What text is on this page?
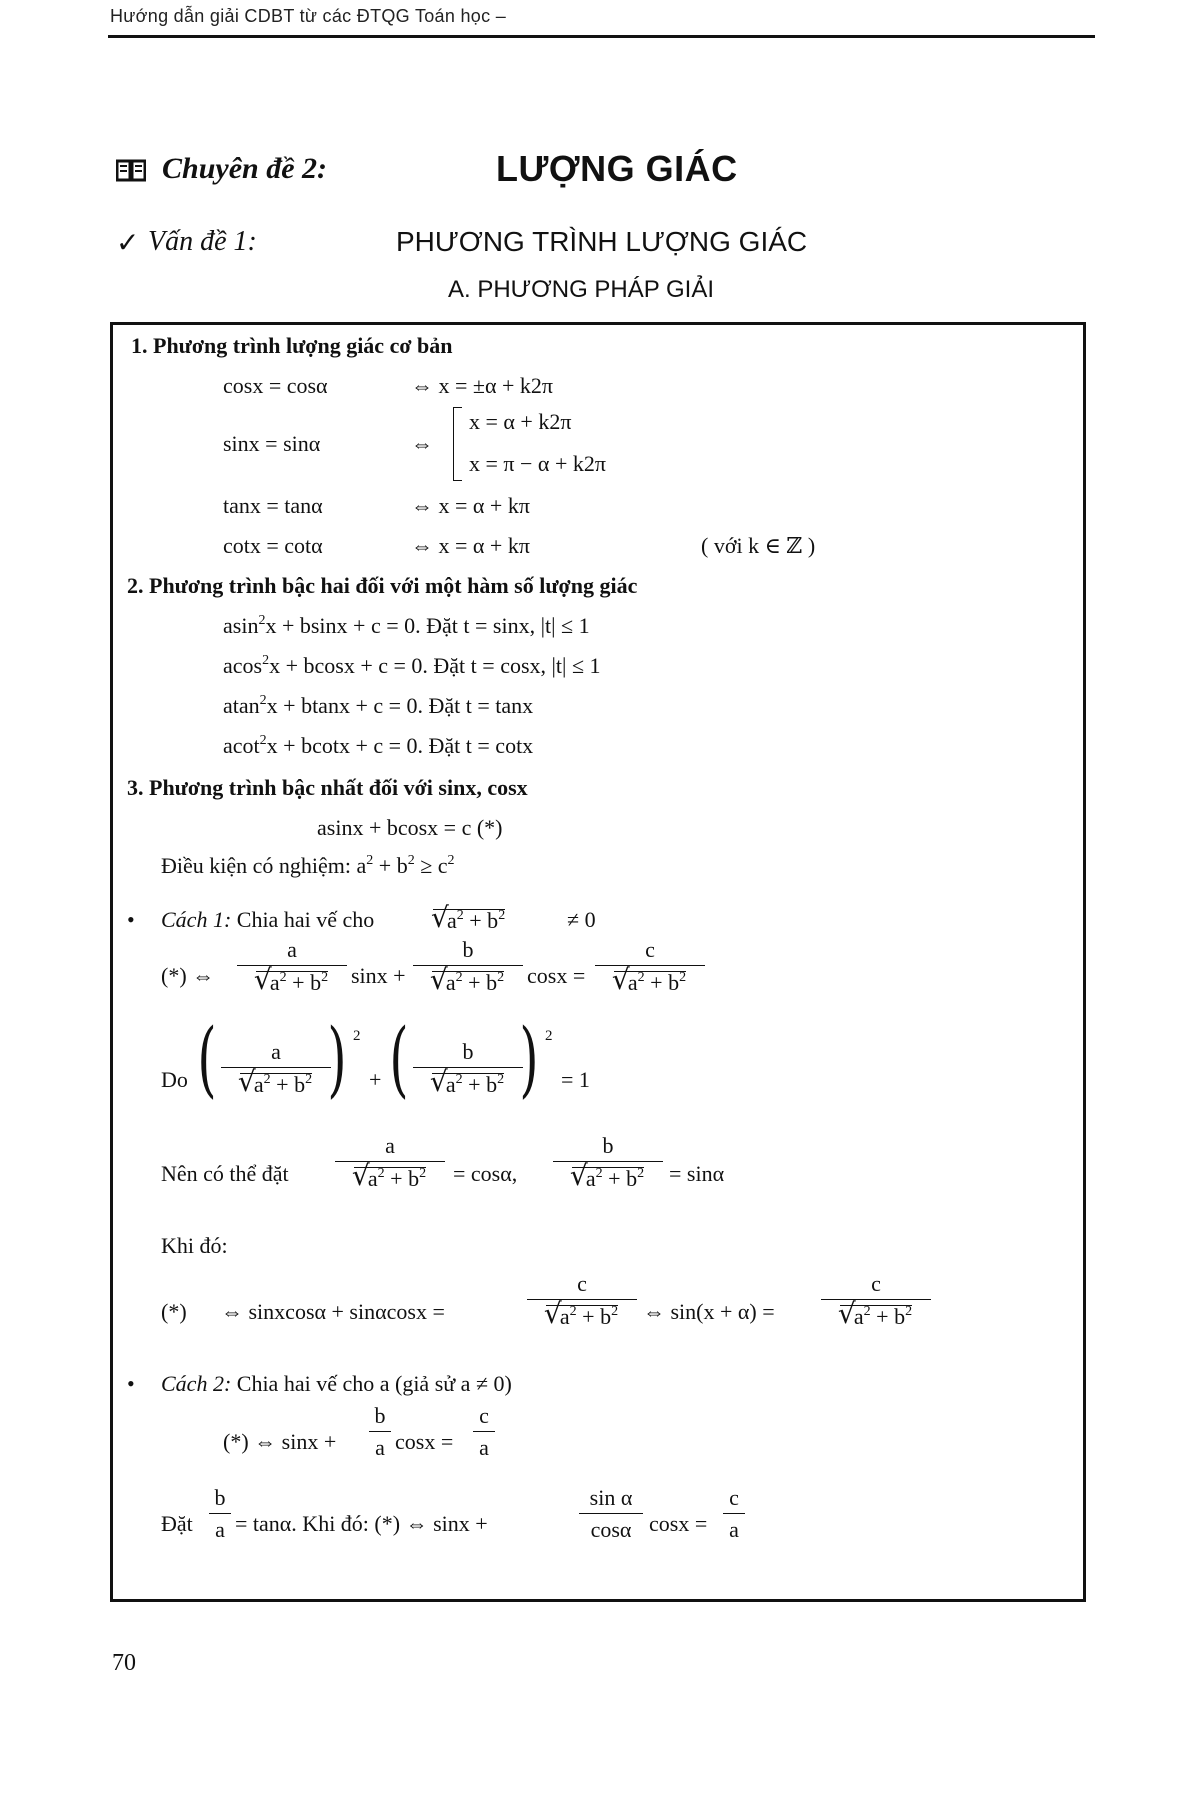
Hướng dẫn giải CDBT từ các ĐTQG Toán học –
Chuyên đề 2:	LƯỢNG GIÁC
✓ Vấn đề 1:	PHƯƠNG TRÌNH LƯỢNG GIÁC
A. PHƯƠNG PHÁP GIẢI
1. Phương trình lượng giác cơ bản
cosx = cosα	⇔ x = ±α + k2π
sinx = sinα	⇔
x = α + k2π
x = π − α + k2π
tanx = tanα	⇔ x = α + kπ
cotx = cotα	⇔ x = α + kπ	( với k ∈ ℤ )
2. Phương trình bậc hai đối với một hàm số lượng giác
asin$^2$x + bsinx + c = 0. Đặt t = sinx, |t| ≤ 1
acos$^2$x + bcosx + c = 0. Đặt t = cosx, |t| ≤ 1
atan$^2$x + btanx + c = 0. Đặt t = tanx
acot$^2$x + bcotx + c = 0. Đặt t = cotx
3. Phương trình bậc nhất đối với sinx, cosx
asinx + bcosx = c (*)
Điều kiện có nghiệm: $a^2 + b^2 \ge c^2$
• Cách 1: Chia hai vế cho
√	$a^2 + b^2$	≠ 0
(*) ⇔
a
√ $a^2 + b^2$	sinx +
b
√ $a^2 + b^2$	cosx =
c
√ $a^2 + b^2$
Do (	a
√ $a^2 + b^2$ ) 2
+ (	b
√ $a^2 + b^2$ ) 2
= 1
Nên có thể đặt
a
√ $a^2 + b^2$	= cosα,
b
√ $a^2 + b^2$	= sinα
Khi đó:
(*) ⇔ sinxcosα + sinαcosx =
c
√ $a^2 + b^2$	⇔ sin(x + α) =
c
√ $a^2 + b^2$
• Cách 2: Chia hai vế cho a (giả sử a ≠ 0)
(*) ⇔ sinx +
b
a cosx =
c
a
Đặt
b
a = tanα. Khi đó: (*) ⇔ sinx +
sin α
cosα cosx =
c
a
70
